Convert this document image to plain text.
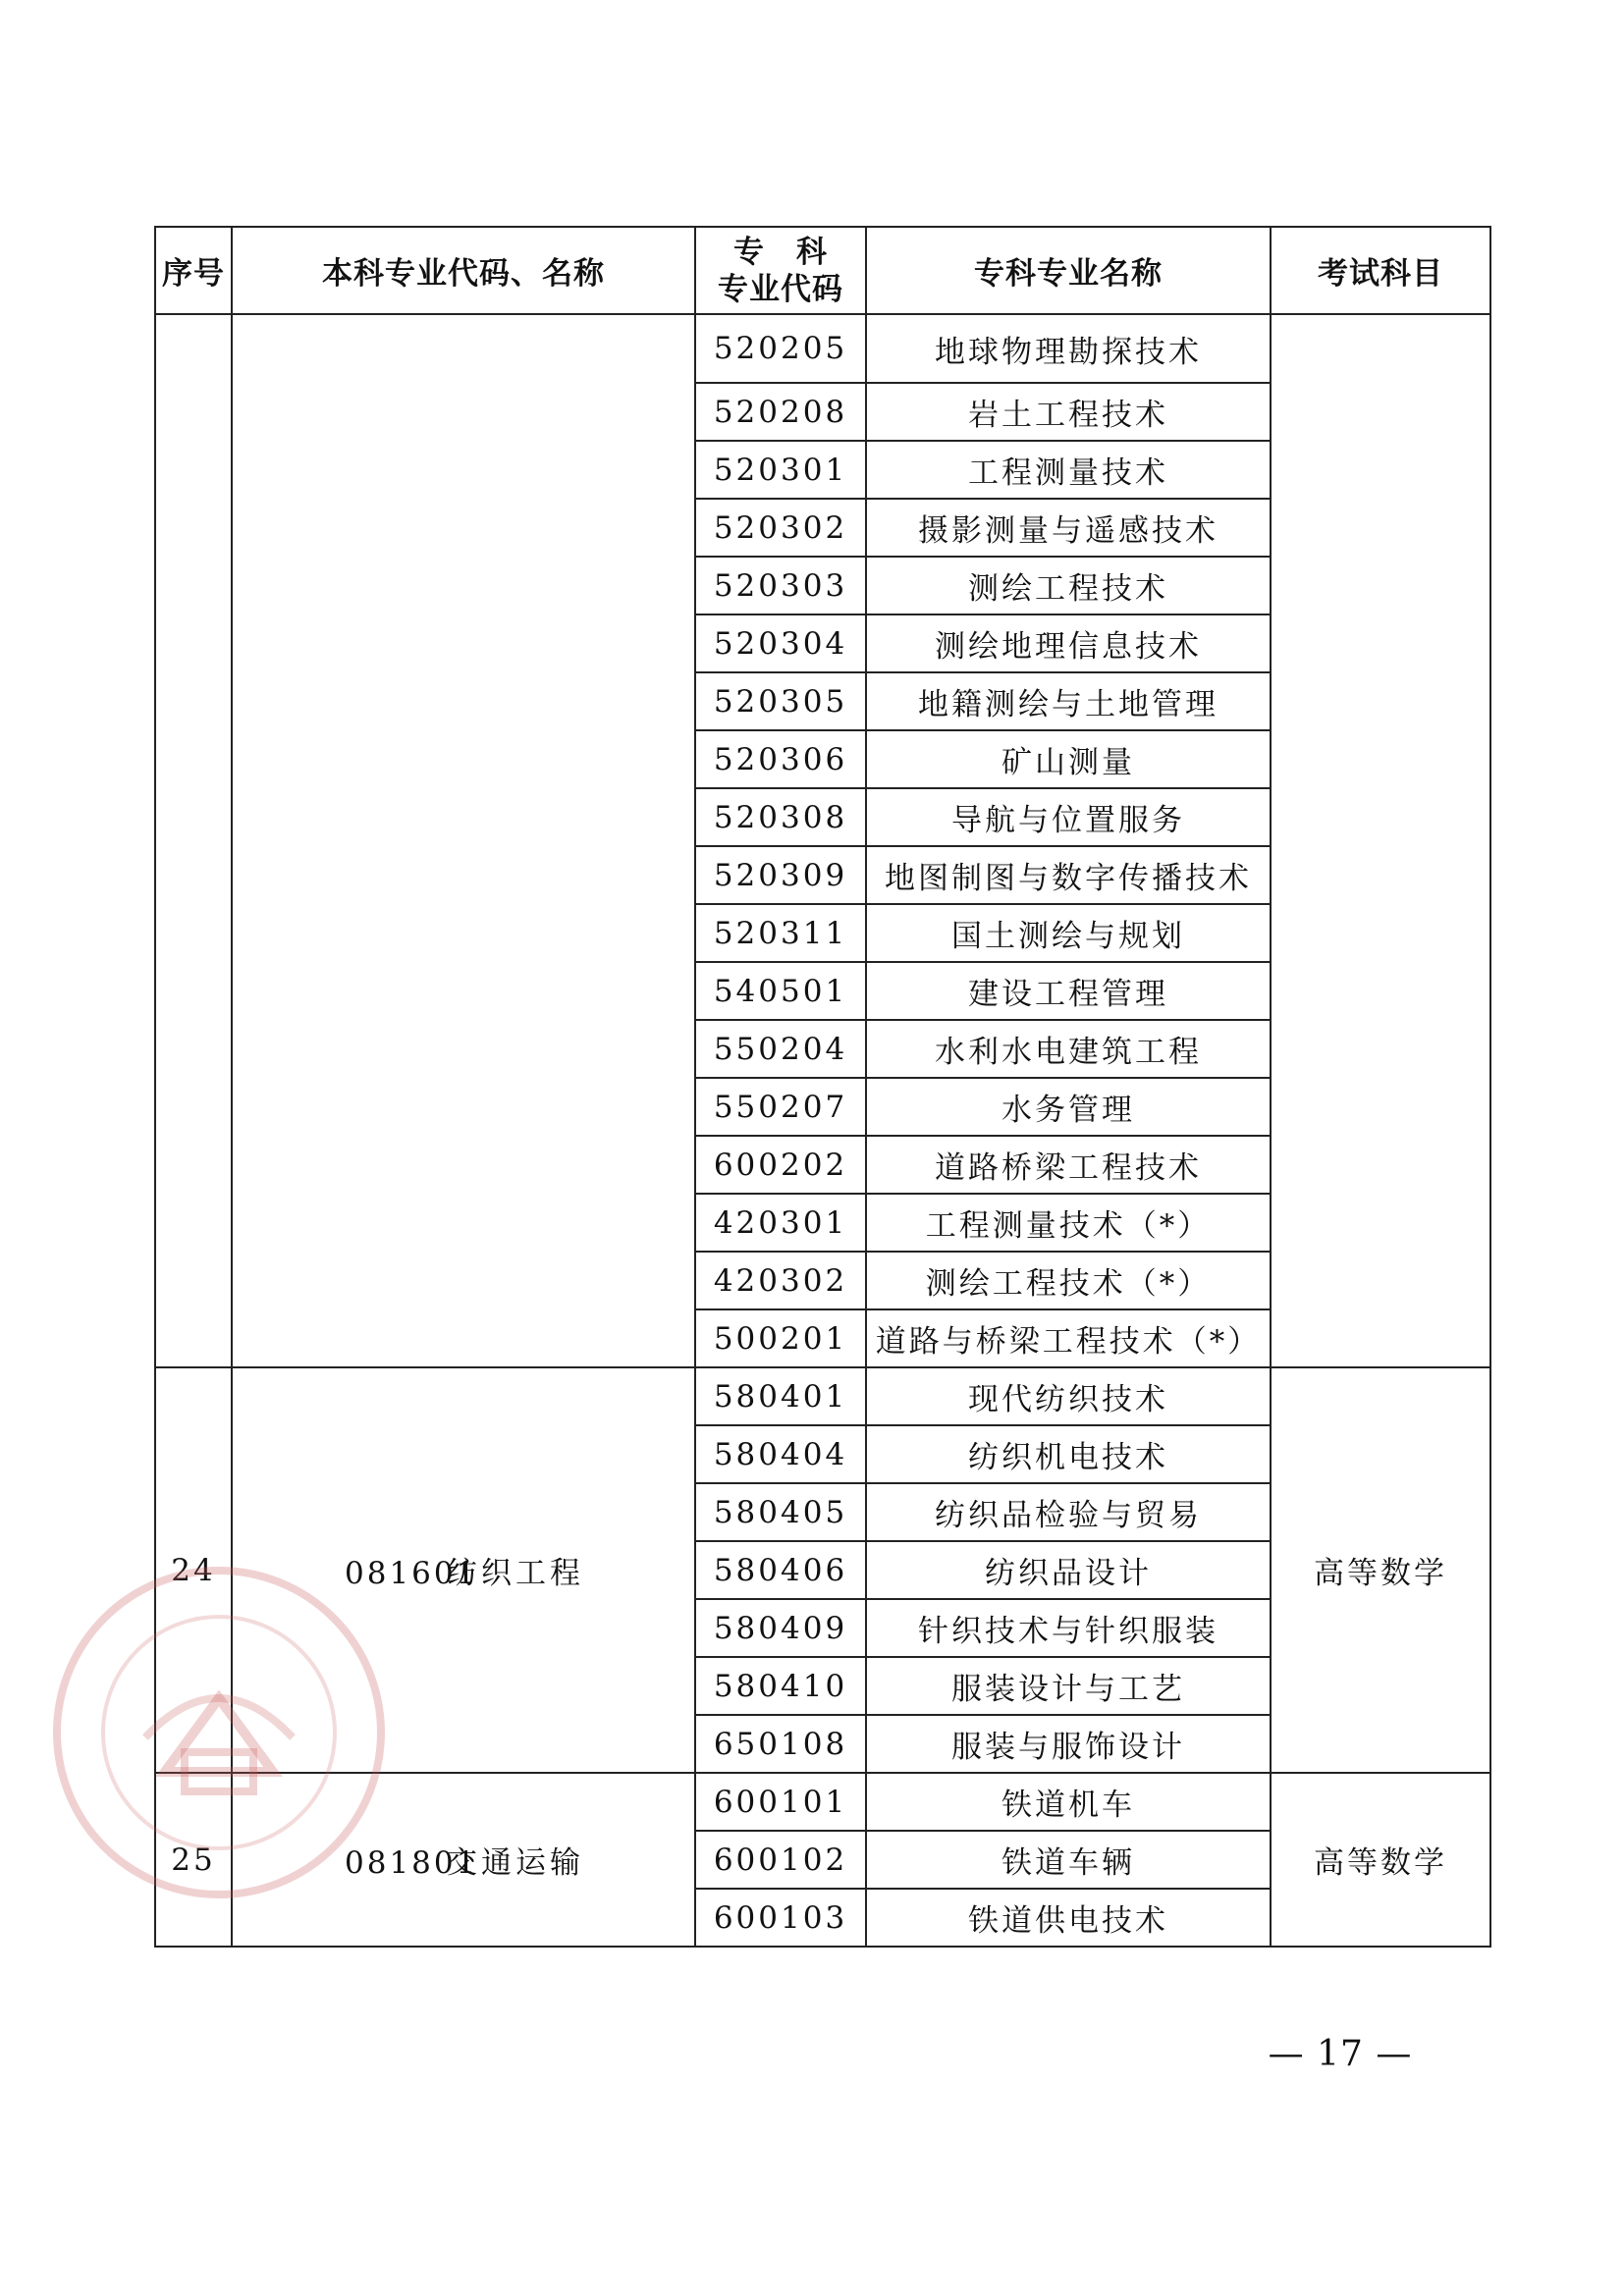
序号	本科专业代码、名称	专　科
专业代码	专科专业名称	考试科目
		520205	地球物理勘探技术	
		520208	岩土工程技术	
		520301	工程测量技术	
		520302	摄影测量与遥感技术	
		520303	测绘工程技术	
		520304	测绘地理信息技术	
		520305	地籍测绘与土地管理	
		520306	矿山测量	
		520308	导航与位置服务	
		520309	地图制图与数字传播技术	
		520311	国土测绘与规划	
		540501	建设工程管理	
		550204	水利水电建筑工程	
		550207	水务管理	
		600202	道路桥梁工程技术	
		420301	工程测量技术（*）	
		420302	测绘工程技术（*）	
		500201	道路与桥梁工程技术（*）	
24	081601纺织工程	580401	现代纺织技术	高等数学
		580404	纺织机电技术	
		580405	纺织品检验与贸易	
		580406	纺织品设计	
		580409	针织技术与针织服装	
		580410	服装设计与工艺	
		650108	服装与服饰设计	
25	081801交通运输	600101	铁道机车	高等数学
		600102	铁道车辆	
		600103	铁道供电技术	
— 17 —
